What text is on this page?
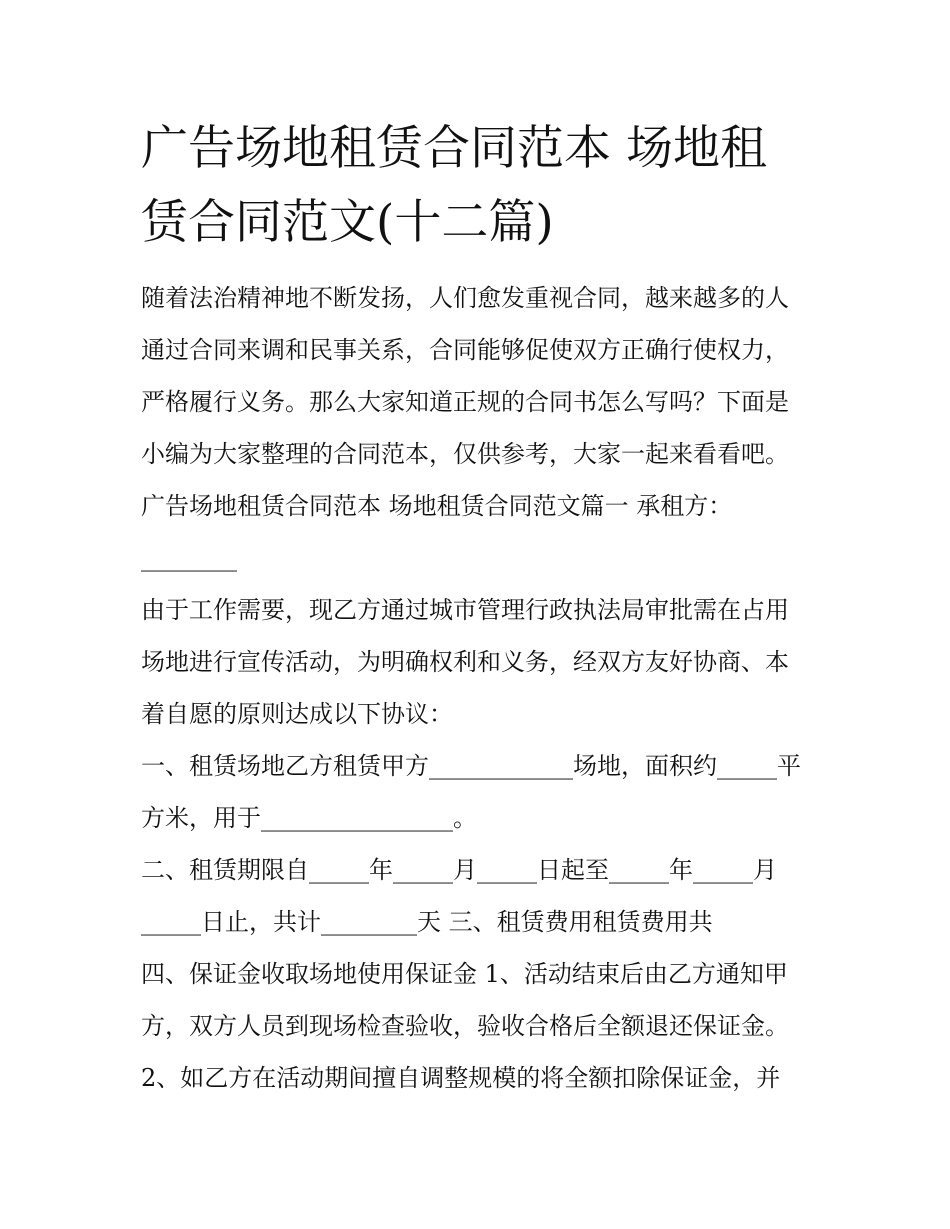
广告场地租赁合同范本 场地租
赁合同范文(十二篇)
随着法治精神地不断发扬，人们愈发重视合同，越来越多的人
通过合同来调和民事关系，合同能够促使双方正确行使权力，
严格履行义务。那么大家知道正规的合同书怎么写吗？下面是
小编为大家整理的合同范本，仅供参考，大家一起来看看吧。
广告场地租赁合同范本 场地租赁合同范文篇一 承租方：
________
由于工作需要，现乙方通过城市管理行政执法局审批需在占用
场地进行宣传活动，为明确权利和义务，经双方友好协商、本
着自愿的原则达成以下协议：
一、租赁场地乙方租赁甲方____________场地，面积约_____平
方米，用于________________。
二、租赁期限自_____年_____月_____日起至_____年_____月
_____日止，共计________天 三、租赁费用租赁费用共
四、保证金收取场地使用保证金 1、活动结束后由乙方通知甲
方，双方人员到现场检查验收，验收合格后全额退还保证金。
2、如乙方在活动期间擅自调整规模的将全额扣除保证金，并
